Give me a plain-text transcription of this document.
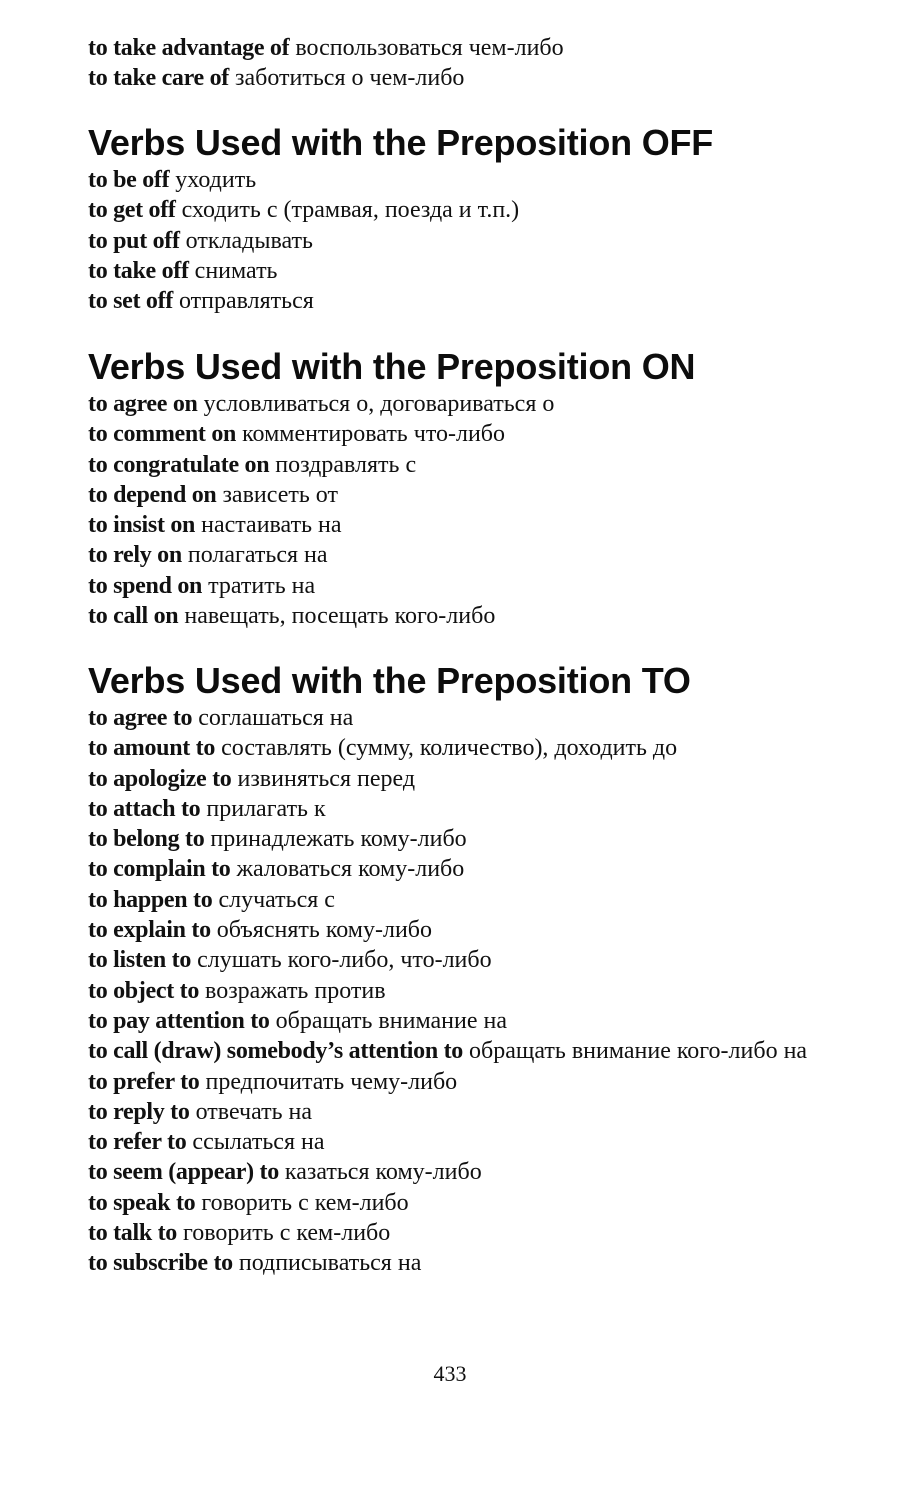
to take advantage of воспользоваться чем-либо
to take care of заботиться о чем-либо
Verbs Used with the Preposition OFF
to be off уходить
to get off сходить с (трамвая, поезда и т.п.)
to put off откладывать
to take off снимать
to set off отправляться
Verbs Used with the Preposition ON
to agree on условливаться о, договариваться о
to comment on комментировать что-либо
to congratulate on поздравлять с
to depend on зависеть от
to insist on настаивать на
to rely on полагаться на
to spend on тратить на
to call on навещать, посещать кого-либо
Verbs Used with the Preposition TO
to agree to соглашаться на
to amount to составлять (сумму, количество), доходить до
to apologize to извиняться перед
to attach to прилагать к
to belong to принадлежать кому-либо
to complain to жаловаться кому-либо
to happen to случаться с
to explain to объяснять кому-либо
to listen to слушать кого-либо, что-либо
to object to возражать против
to pay attention to обращать внимание на
to call (draw) somebody’s attention to обращать внимание кого-либо на
to prefer to предпочитать чему-либо
to reply to отвечать на
to refer to ссылаться на
to seem (appear) to казаться кому-либо
to speak to говорить с кем-либо
to talk to говорить с кем-либо
to subscribe to подписываться на
433
